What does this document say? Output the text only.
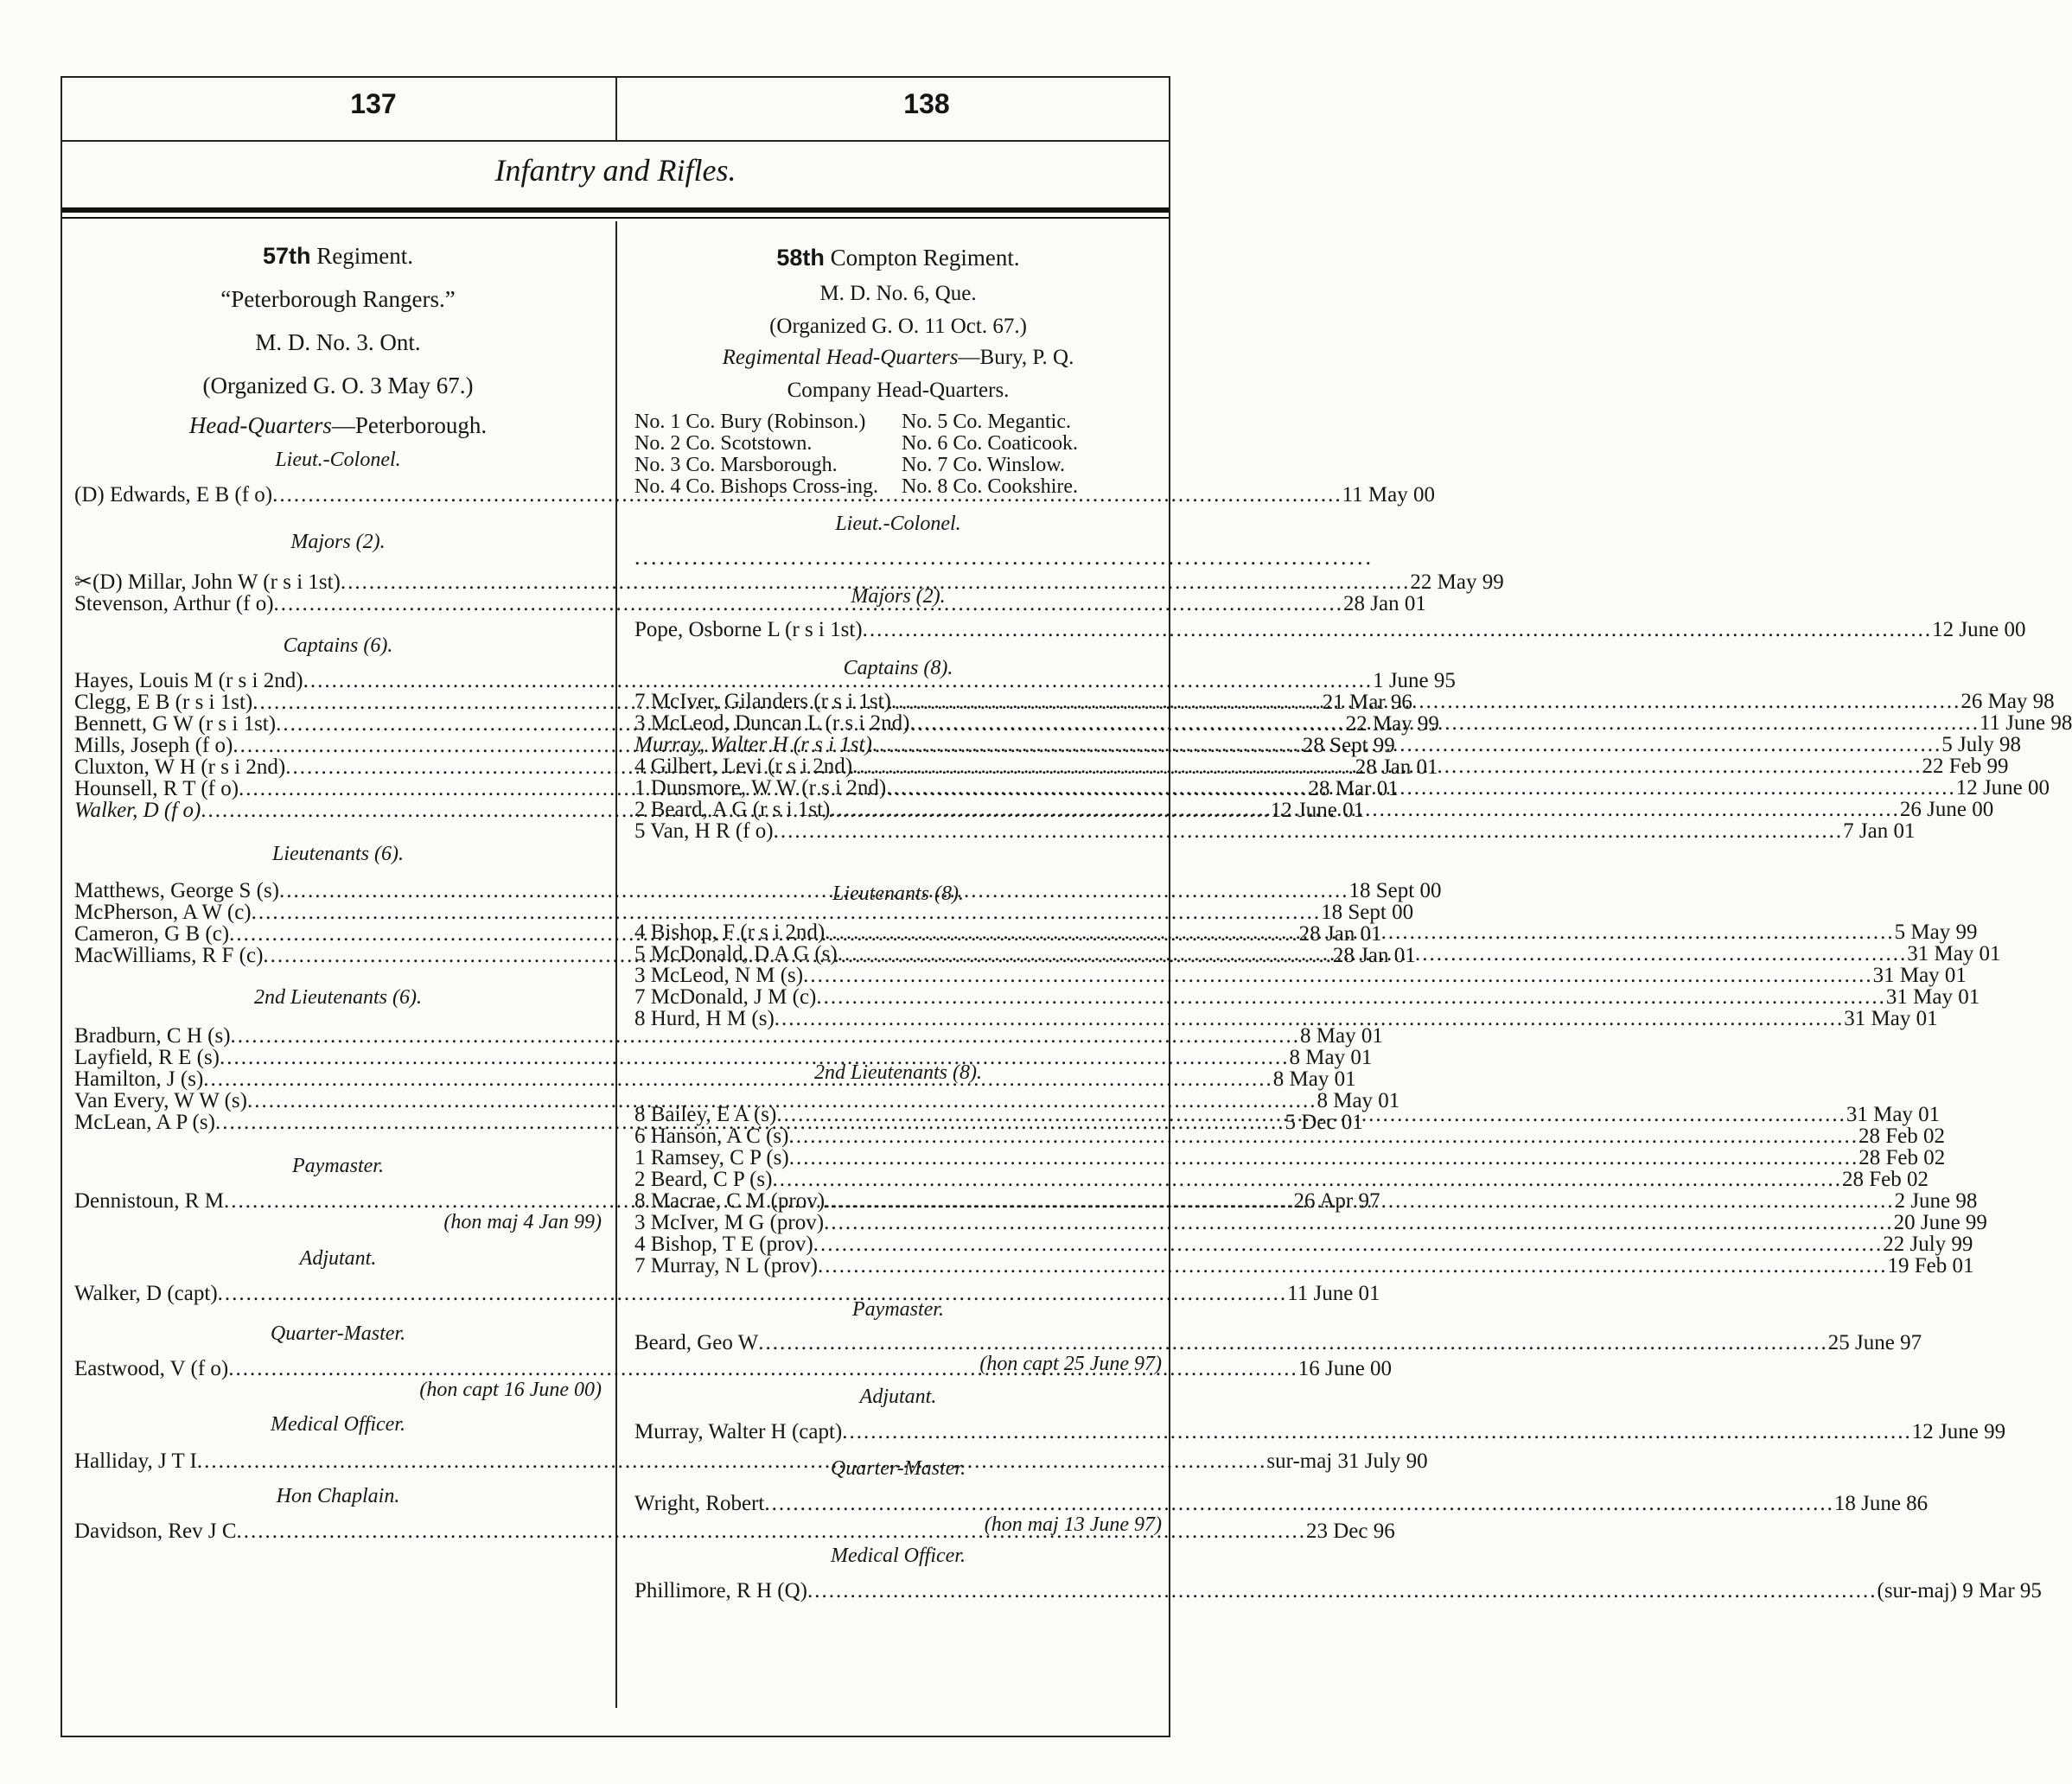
137	138
Infantry and Rifles.
57th Regiment.
“Peterborough Rangers.”
M. D. No. 3. Ont.
(Organized G. O. 3 May 67.)
Head-Quarters—Peterborough.
Lieut.-Colonel.
(D) Edwards, E B (f o) .....	11 May 00
Majors (2).
✂(D) Millar, John W (r s i 1st) .....	22 May 99
Stevenson, Arthur (f o) .....	28 Jan 01
Captains (6).
Hayes, Louis M (r s i 2nd) .....	1 June 95
Clegg, E B (r s i 1st) .....	21 Mar 96
Bennett, G W (r s i 1st) .....	22 May 99
Mills, Joseph (f o) .....	28 Sept 99
Cluxton, W H (r s i 2nd) .....	28 Jan 01
Hounsell, R T (f o) .....	28 Mar 01
Walker, D (f o) .....	12 June 01
Lieutenants (6).
Matthews, George S (s) .....	18 Sept 00
McPherson, A W (c) .....	18 Sept 00
Cameron, G B (c) .....	28 Jan 01
MacWilliams, R F (c) .....	28 Jan 01
2nd Lieutenants (6).
Bradburn, C H (s) .....	8 May 01
Layfield, R E (s) .....	8 May 01
Hamilton, J (s) .....	8 May 01
Van Every, W W (s) .....	8 May 01
McLean, A P (s) .....	5 Dec 01
Paymaster.
Dennistoun, R M .....	26 Apr 97
(hon maj 4 Jan 99)
Adjutant.
Walker, D (capt) .....	11 June 01
Quarter-Master.
Eastwood, V (f o) .....	16 June 00
(hon capt 16 June 00)
Medical Officer.
Halliday, J T I .....	sur-maj 31 July 90
Hon Chaplain.
Davidson, Rev J C .....	23 Dec 96
58th Compton Regiment.
M. D. No. 6, Que.
(Organized G. O. 11 Oct. 67.)
Regimental Head-Quarters—Bury, P. Q.
Company Head-Quarters.
No. 1 Co. Bury (Robinson.)	No. 5 Co. Megantic.
No. 2 Co. Scotstown.	No. 6 Co. Coaticook.
No. 3 Co. Marsborough.	No. 7 Co. Winslow.
No. 4 Co. Bishops Cross-ing.	No. 8 Co. Cookshire.
Lieut.-Colonel.
..........................................................................................
Majors (2).
Pope, Osborne L (r s i 1st) .....	12 June 00
Captains (8).
7 McIver, Gilanders (r s i 1st) .....	26 May 98
3 McLeod, Duncan L (r s i 2nd) .....	11 June 98
Murray, Walter H (r s i 1st) .....	5 July 98
4 Gilbert, Levi (r s i 2nd) .....	22 Feb 99
1 Dunsmore, W W (r s i 2nd) .....	12 June 00
2 Beard, A G (r s i 1st) .....	26 June 00
5 Van, H R (f o) .....	7 Jan 01
Lieutenants (8).
4 Bishop, F (r s i 2nd) .....	5 May 99
5 McDonald, D A G (s) .....	31 May 01
3 McLeod, N M (s) .....	31 May 01
7 McDonald, J M (c) .....	31 May 01
8 Hurd, H M (s) .....	31 May 01
2nd Lieutenants (8).
8 Bailey, E A (s) .....	31 May 01
6 Hanson, A C (s) .....	28 Feb 02
1 Ramsey, C P (s) .....	28 Feb 02
2 Beard, C P (s) .....	28 Feb 02
8 Macrae, C M (prov) .....	2 June 98
3 McIver, M G (prov) .....	20 June 99
4 Bishop, T E (prov) .....	22 July 99
7 Murray, N L (prov) .....	19 Feb 01
Paymaster.
Beard, Geo W .....	25 June 97
(hon capt 25 June 97)
Adjutant.
Murray, Walter H (capt) .....	12 June 99
Quarter-Master.
Wright, Robert .....	18 June 86
(hon maj 13 June 97)
Medical Officer.
Phillimore, R H (Q) .....	(sur-maj) 9 Mar 95
